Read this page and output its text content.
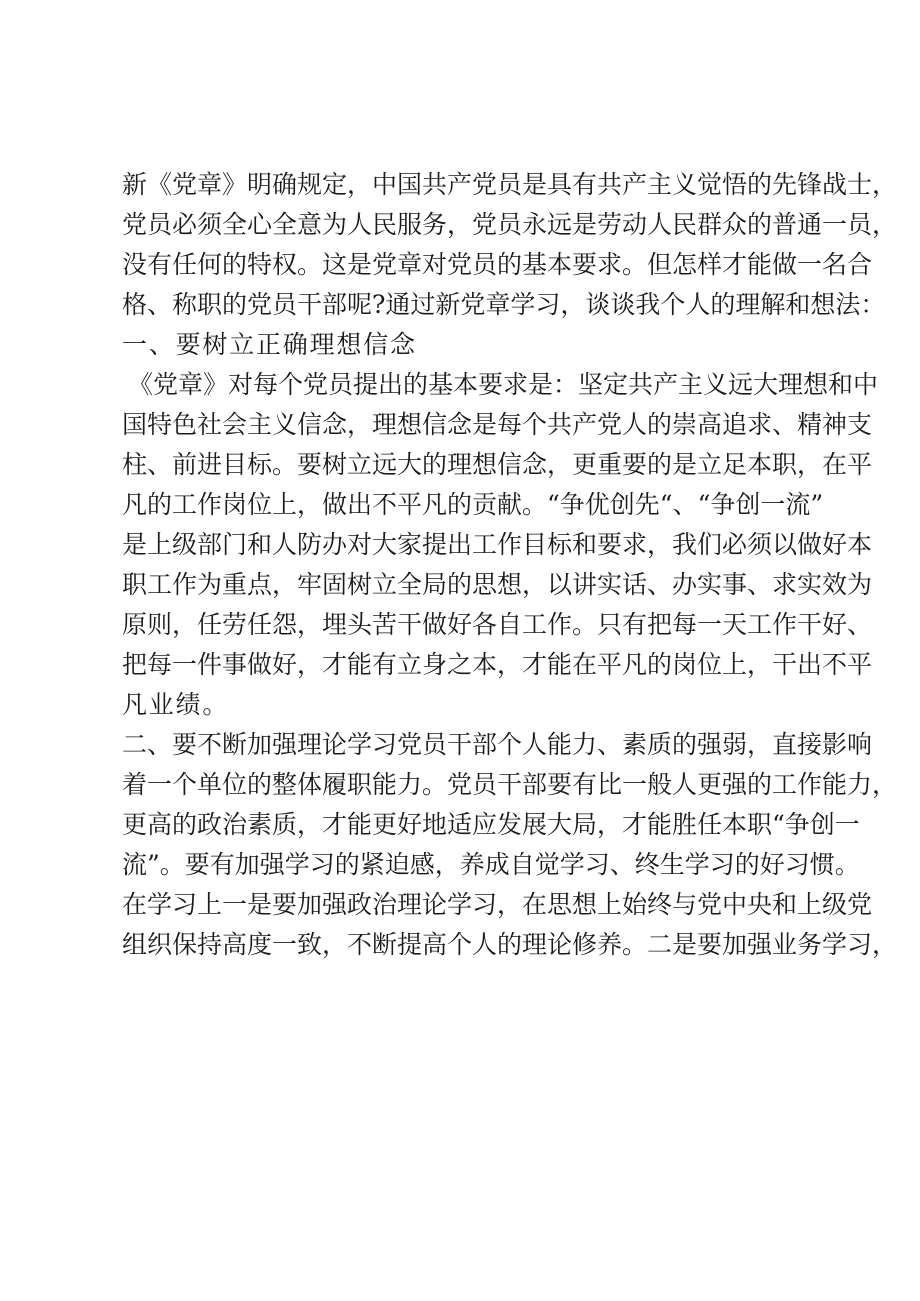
新《党章》明确规定，中国共产党员是具有共产主义觉悟的先锋战士，
党员必须全心全意为人民服务，党员永远是劳动人民群众的普通一员，
没有任何的特权。这是党章对党员的基本要求。但怎样才能做一名合
格、称职的党员干部呢?通过新党章学习，谈谈我个人的理解和想法：
一、要树立正确理想信念
《党章》对每个党员提出的基本要求是：坚定共产主义远大理想和中
国特色社会主义信念，理想信念是每个共产党人的崇高追求、精神支
柱、前进目标。要树立远大的理想信念，更重要的是立足本职，在平
凡的工作岗位上，做出不平凡的贡献。“争优创先“、“争创一流”
是上级部门和人防办对大家提出工作目标和要求，我们必须以做好本
职工作为重点，牢固树立全局的思想，以讲实话、办实事、求实效为
原则，任劳任怨，埋头苦干做好各自工作。只有把每一天工作干好、
把每一件事做好，才能有立身之本，才能在平凡的岗位上，干出不平
凡业绩。
二、要不断加强理论学习党员干部个人能力、素质的强弱，直接影响
着一个单位的整体履职能力。党员干部要有比一般人更强的工作能力，
更高的政治素质，才能更好地适应发展大局，才能胜任本职“争创一
流”。要有加强学习的紧迫感，养成自觉学习、终生学习的好习惯。
在学习上一是要加强政治理论学习，在思想上始终与党中央和上级党
组织保持高度一致，不断提高个人的理论修养。二是要加强业务学习，
